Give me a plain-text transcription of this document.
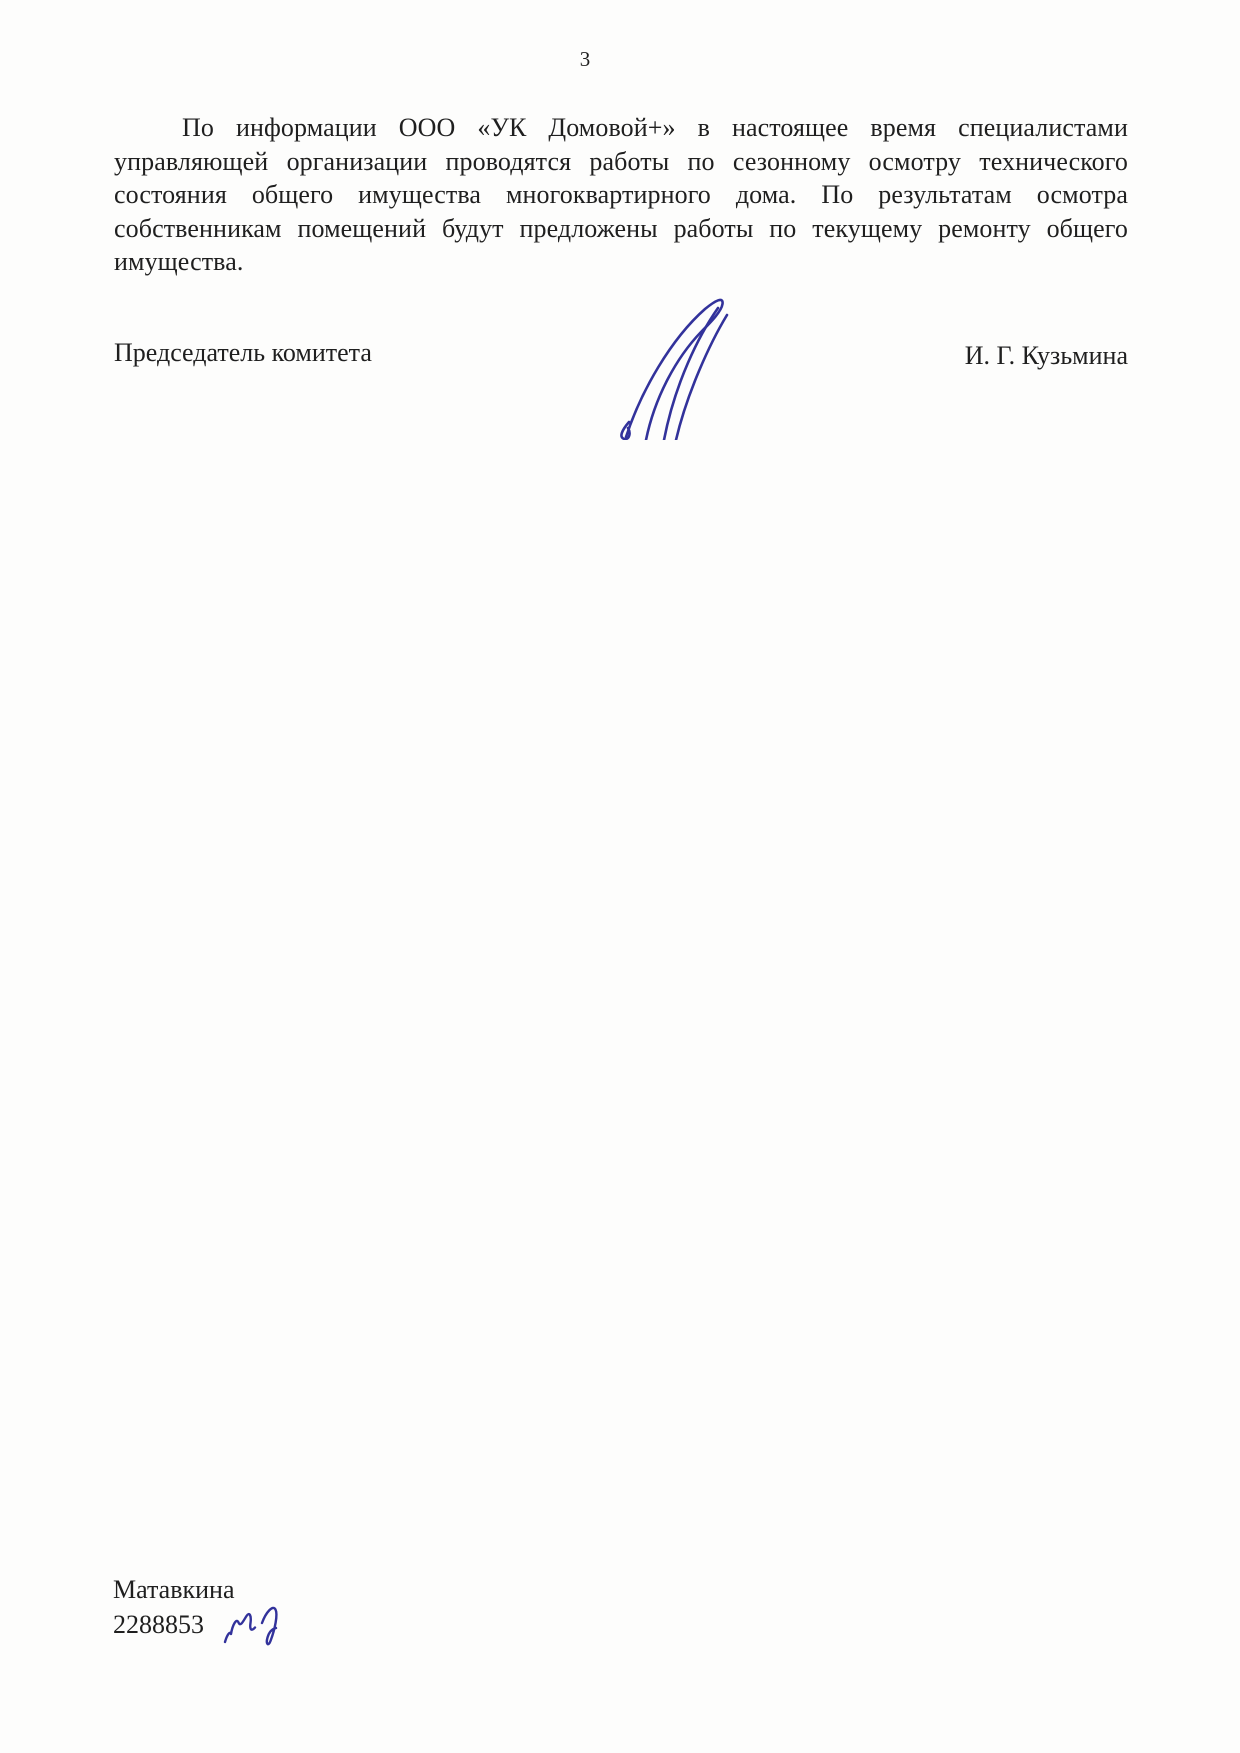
3

По информации ООО «УК Домовой+» в настоящее время специалистами управляющей организации проводятся работы по сезонному осмотру технического состояния общего имущества многоквартирного дома. По результатам осмотра собственникам помещений будут предложены работы по текущему ремонту общего имущества.

Председатель комитета	И. Г. Кузьмина
Матавкина
2288853
